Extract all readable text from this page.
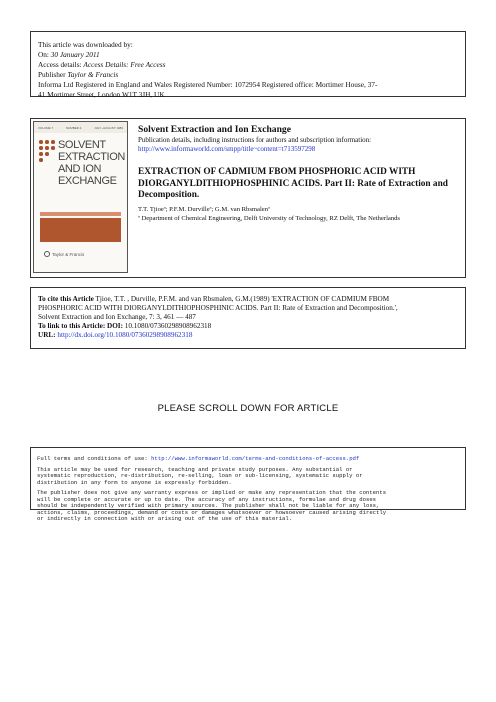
This article was downloaded by:
On: 30 January 2011
Access details: Access Details: Free Access
Publisher Taylor & Francis
Informa Ltd Registered in England and Wales Registered Number: 1072954 Registered office: Mortimer House, 37-
41 Mortimer Street, London W1T 3JH, UK
VOLUME 7	NUMBER 4	JULY–AUGUST 1989
SOLVENT
EXTRACTION
AND ION
EXCHANGE
Taylor & Francis
Solvent Extraction and Ion Exchange
Publication details, including instructions for authors and subscription information:
http://www.informaworld.com/smpp/title~content=t713597298
EXTRACTION OF CADMIUM FBOM PHOSPHORIC ACID WITH
DIORGANYLDITHIOPHOSPHINIC ACIDS. Part II: Rate of Extraction and
Decomposition.
T.T. Tjioeª; P.F.M. Durvilleª; G.M. van Rbsmalenª
ª Department of Chemical Engineering, Delft University of Technology, RZ Delft, The Netherlands
To cite this Article Tjioe, T.T. , Durville, P.F.M. and van Rbsmalen, G.M.(1989) 'EXTRACTION OF CADMIUM FBOM
PHOSPHORIC ACID WITH DIORGANYLDITHIOPHOSPHINIC ACIDS. Part II: Rate of Extraction and Decomposition.',
Solvent Extraction and Ion Exchange, 7: 3, 461 — 487
To link to this Article: DOI: 10.1080/07360298908962318
URL: http://dx.doi.org/10.1080/07360298908962318
PLEASE SCROLL DOWN FOR ARTICLE
Full terms and conditions of use: http://www.informaworld.com/terms-and-conditions-of-access.pdf
This article may be used for research, teaching and private study purposes. Any substantial or
systematic reproduction, re-distribution, re-selling, loan or sub-licensing, systematic supply or
distribution in any form to anyone is expressly forbidden.
The publisher does not give any warranty express or implied or make any representation that the contents
will be complete or accurate or up to date. The accuracy of any instructions, formulae and drug doses
should be independently verified with primary sources. The publisher shall not be liable for any loss,
actions, claims, proceedings, demand or costs or damages whatsoever or howsoever caused arising directly
or indirectly in connection with or arising out of the use of this material.
